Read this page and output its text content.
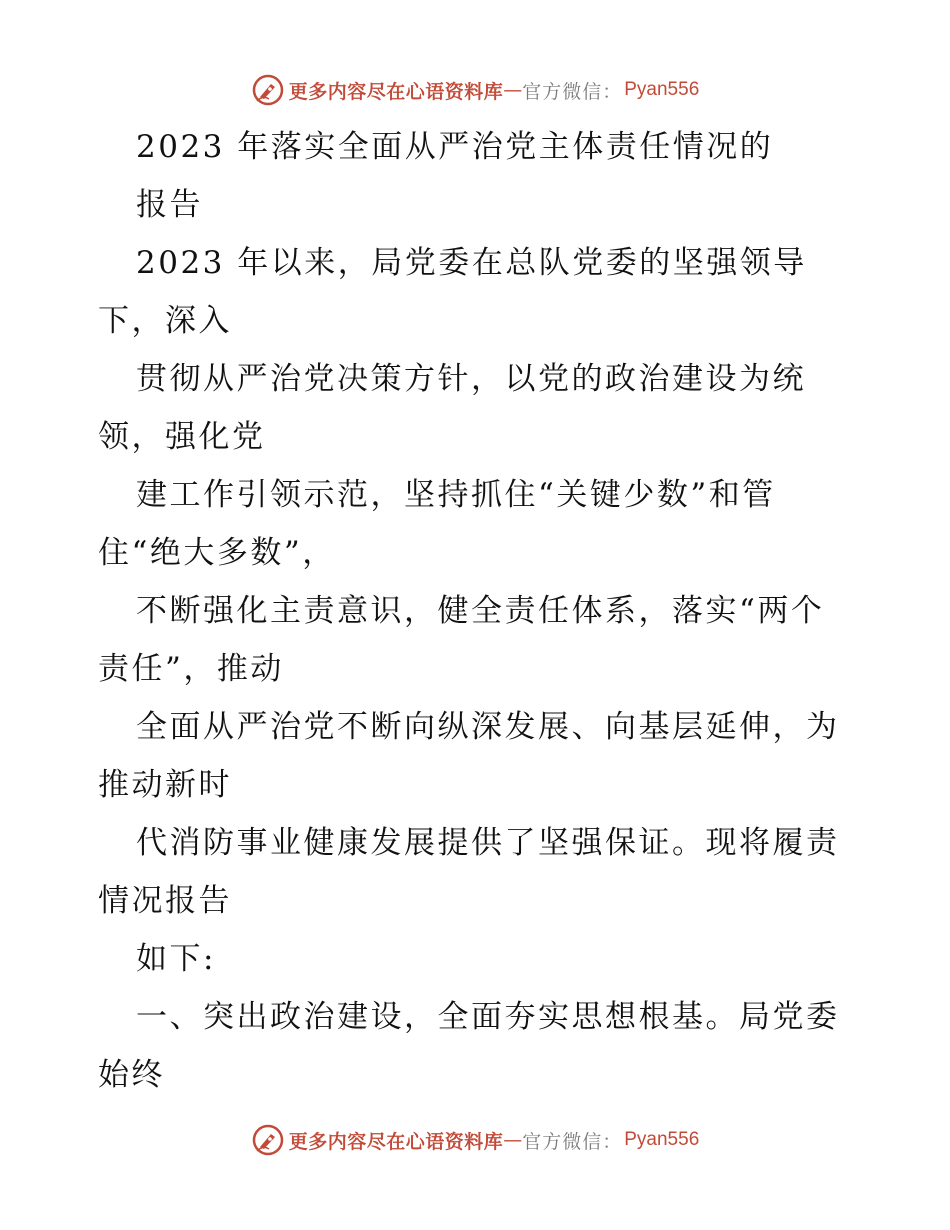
更多内容尽在心语资料库 — 官方微信： Pyan556
2023 年落实全面从严治党主体责任情况的
报告
2023 年以来，局党委在总队党委的坚强领导
下，深入
贯彻从严治党决策方针，以党的政治建设为统
领，强化党
建工作引领示范，坚持抓住“关键少数”和管
住“绝大多数”，
不断强化主责意识，健全责任体系，落实“两个
责任”，推动
全面从严治党不断向纵深发展、向基层延伸，为
推动新时
代消防事业健康发展提供了坚强保证。现将履责
情况报告
如下:
一、突出政治建设，全面夯实思想根基。局党委
始终
更多内容尽在心语资料库 — 官方微信： Pyan556
